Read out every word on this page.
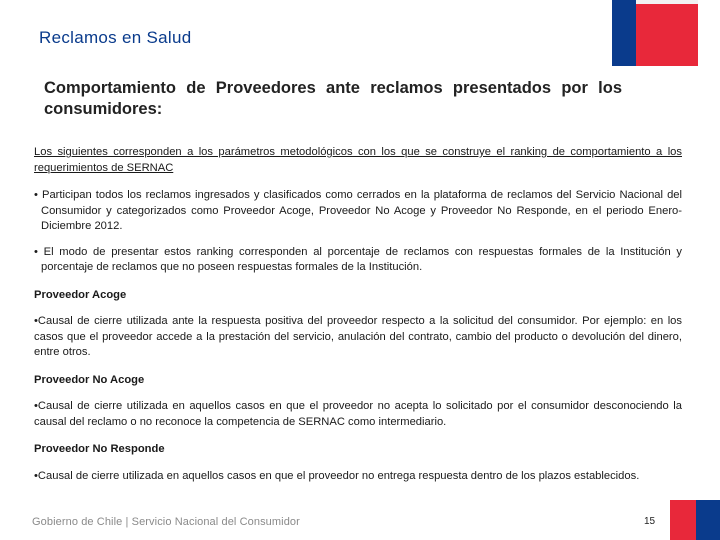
Reclamos en Salud
Comportamiento de Proveedores ante reclamos presentados por los consumidores:

Los siguientes corresponden a los parámetros metodológicos con los que se construye el ranking de comportamiento a los requerimientos de SERNAC

• Participan todos los reclamos ingresados y clasificados como cerrados en la plataforma de reclamos del Servicio Nacional del Consumidor y categorizados como Proveedor Acoge, Proveedor No Acoge y Proveedor No Responde, en el periodo Enero-Diciembre 2012.

• El modo de presentar estos ranking corresponden al porcentaje de reclamos con respuestas formales de la Institución y porcentaje de reclamos que no poseen respuestas formales de la Institución.

Proveedor Acoge

•Causal de cierre utilizada ante la respuesta positiva del proveedor respecto a la solicitud del consumidor. Por ejemplo: en los casos que el proveedor accede a la prestación del servicio, anulación del contrato, cambio del producto o devolución del dinero, entre otros.

Proveedor No Acoge

•Causal de cierre utilizada en aquellos casos en que el proveedor no acepta lo solicitado por el consumidor desconociendo la causal del reclamo o no reconoce la competencia de SERNAC como intermediario.

Proveedor No Responde

•Causal de cierre utilizada en aquellos casos en que el proveedor no entrega respuesta dentro de los plazos establecidos.

Gobierno de Chile | Servicio Nacional del Consumidor	15
